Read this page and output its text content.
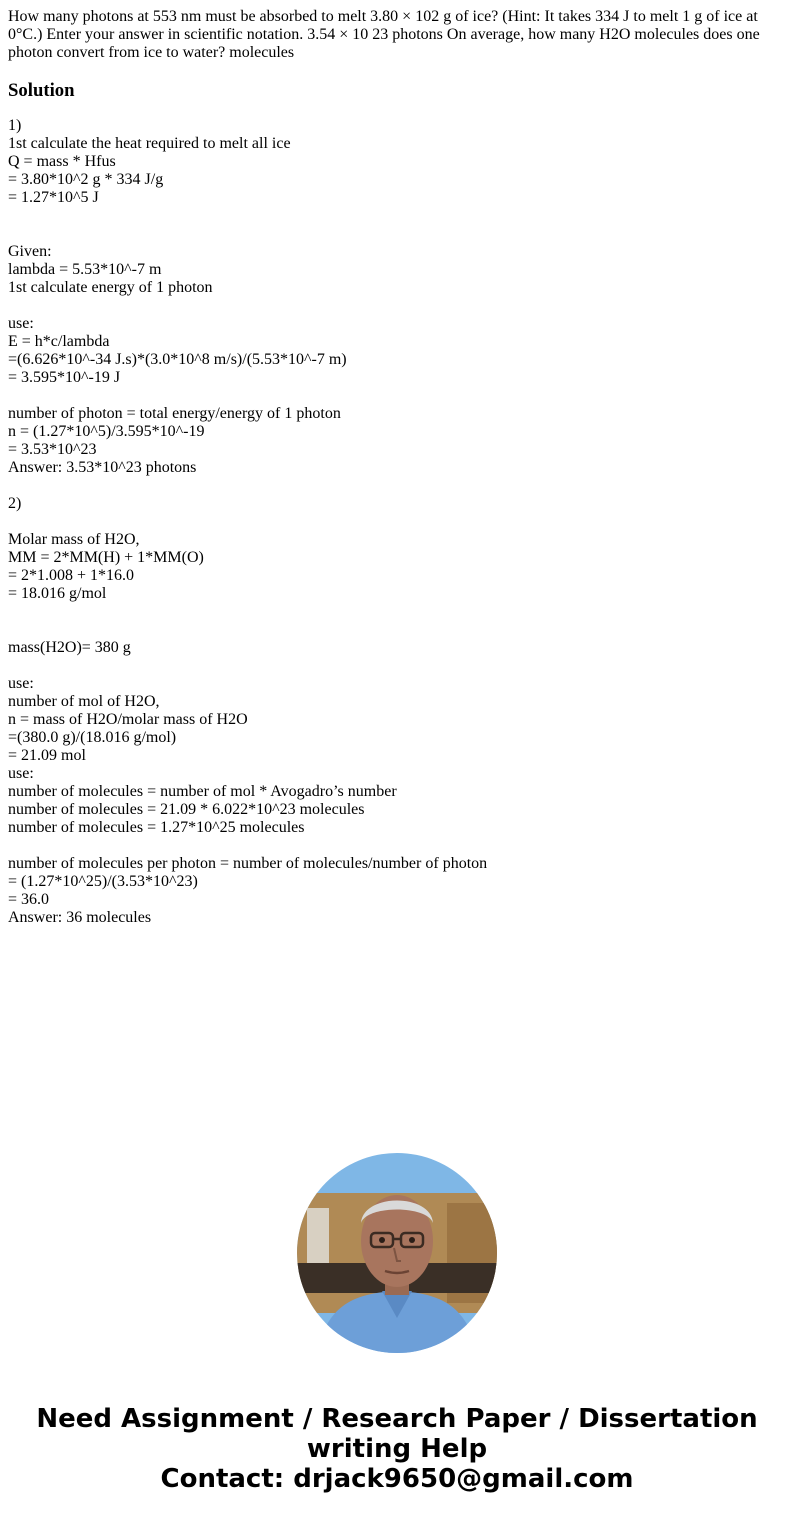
How many photons at 553 nm must be absorbed to melt 3.80 × 102 g of ice? (Hint: It takes 334 J to melt 1 g of ice at 0°C.) Enter your answer in scientific notation. 3.54 × 10 23 photons On average, how many H2O molecules does one photon convert from ice to water? molecules

Solution
1)
1st calculate the heat required to melt all ice
Q = mass * Hfus
= 3.80*10^2 g * 334 J/g
= 1.27*10^5 J
Given:
lambda = 5.53*10^-7 m
1st calculate energy of 1 photon
use:
E = h*c/lambda
=(6.626*10^-34 J.s)*(3.0*10^8 m/s)/(5.53*10^-7 m)
= 3.595*10^-19 J
number of photon = total energy/energy of 1 photon
n = (1.27*10^5)/3.595*10^-19
= 3.53*10^23
Answer: 3.53*10^23 photons
2)
Molar mass of H2O,
MM = 2*MM(H) + 1*MM(O)
= 2*1.008 + 1*16.0
= 18.016 g/mol
mass(H2O)= 380 g
use:
number of mol of H2O,
n = mass of H2O/molar mass of H2O
=(380.0 g)/(18.016 g/mol)
= 21.09 mol
use:
number of molecules = number of mol * Avogadro’s number
number of molecules = 21.09 * 6.022*10^23 molecules
number of molecules = 1.27*10^25 molecules
number of molecules per photon = number of molecules/number of photon
= (1.27*10^25)/(3.53*10^23)
= 36.0
Answer: 36 molecules
Need Assignment / Research Paper / Dissertation
writing Help
Contact: drjack9650@gmail.com
